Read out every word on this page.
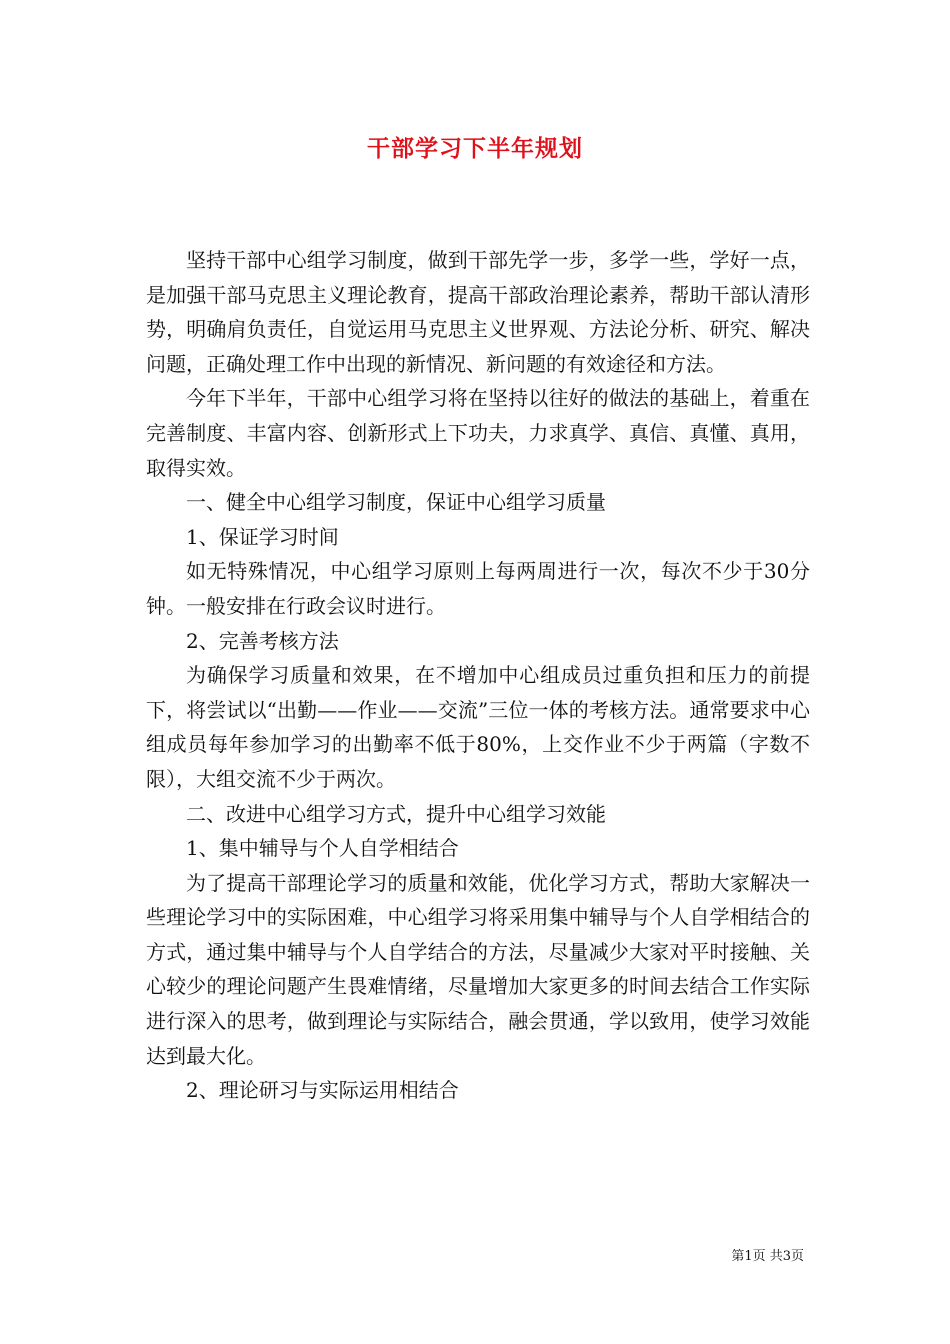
干部学习下半年规划

坚持干部中心组学习制度，做到干部先学一步，多学一些，学好一点，是加强干部马克思主义理论教育，提高干部政治理论素养，帮助干部认清形势，明确肩负责任，自觉运用马克思主义世界观、方法论分析、研究、解决问题，正确处理工作中出现的新情况、新问题的有效途径和方法。

今年下半年，干部中心组学习将在坚持以往好的做法的基础上，着重在完善制度、丰富内容、创新形式上下功夫，力求真学、真信、真懂、真用，取得实效。

一、健全中心组学习制度，保证中心组学习质量

1、保证学习时间

如无特殊情况，中心组学习原则上每两周进行一次，每次不少于30分钟。一般安排在行政会议时进行。

2、完善考核方法

为确保学习质量和效果，在不增加中心组成员过重负担和压力的前提下，将尝试以“出勤——作业——交流”三位一体的考核方法。通常要求中心组成员每年参加学习的出勤率不低于80%，上交作业不少于两篇（字数不限），大组交流不少于两次。

二、改进中心组学习方式，提升中心组学习效能

1、集中辅导与个人自学相结合

为了提高干部理论学习的质量和效能，优化学习方式，帮助大家解决一些理论学习中的实际困难，中心组学习将采用集中辅导与个人自学相结合的方式，通过集中辅导与个人自学结合的方法，尽量减少大家对平时接触、关心较少的理论问题产生畏难情绪，尽量增加大家更多的时间去结合工作实际进行深入的思考，做到理论与实际结合，融会贯通，学以致用，使学习效能达到最大化。

2、理论研习与实际运用相结合

第1页 共3页
